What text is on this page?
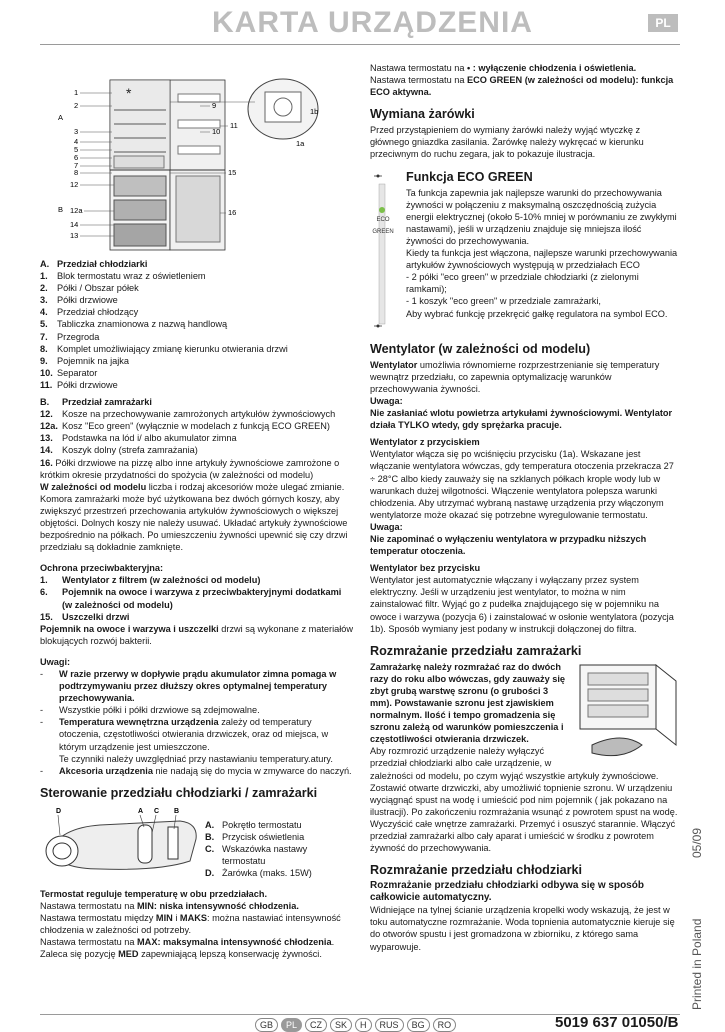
KARTA URZĄDZENIA	PL
*
1
2
A
3
4
5
6
7
8
12
B 12a
14
13
9
11
10
15
16
1b
1a
A. Przedział chłodziarki
1.	Blok termostatu wraz z oświetleniem
2.	Półki / Obszar półek
3.	Półki drzwiowe
4.	Przedział chłodzący
5.	Tabliczka znamionowa z nazwą handlową
7.	Przegroda
8.	Komplet umożliwiający zmianę kierunku otwierania drzwi
9.	Pojemnik na jajka
10. Separator
11. Półki drzwiowe
B.	Przedział zamrażarki
12.	Kosze na przechowywanie zamrożonych artykułów żywnościowych
12a. Kosz "Eco green" (wyłącznie w modelach z funkcją ECO GREEN)
13.	Podstawka na lód i/ albo akumulator zimna
14.	Koszyk dolny (strefa zamrażania)

16. Półki drzwiowe na pizzę albo inne artykuły żywnościowe zamrożone o krótkim okresie przydatności do spożycia (w zależności od modelu)

W zależności od modelu liczba i rodzaj akcesoriów może ulegać zmianie. Komora zamrażarki może być użytkowana bez dwóch górnych koszy, aby zwiększyć przestrzeń przechowania artykułów żywnościowych o większej objętości. Dolnych koszy nie należy usuwać. Układać artykuły żywnościowe bezpośrednio na półkach. Po umieszczeniu żywności upewnić się czy drzwi przedziału są dokładnie zamknięte.

Ochrona przeciwbakteryjna:

1.	Wentylator z filtrem (w zależności od modelu)
6.	Pojemnik na owoce i warzywa z przeciwbakteryjnymi dodatkami (w zależności od modelu)
15.	Uszczelki drzwi

Pojemnik na owoce i warzywa i uszczelki drzwi są wykonane z materiałów blokujących rozwój bakterii.

Uwagi:

-	W razie przerwy w dopływie prądu akumulator zimna pomaga w podtrzymywaniu przez dłuższy okres optymalnej temperatury przechowywania.
-	Wszystkie półki i półki drzwiowe są zdejmowalne.
-	Temperatura wewnętrzna urządzenia zależy od temperatury otoczenia, częstotliwości otwierania drzwiczek, oraz od miejsca, w którym urządzenie jest umieszczone.
Te czynniki należy uwzględniać przy nastawianiu temperatury.atury.
-	Akcesoria urządzenia nie nadają się do mycia w zmywarce do naczyń.
Sterowanie przedziału chłodziarki / zamrażarki
D	A C B
A. Pokrętło termostatu
B. Przycisk oświetlenia
C. Wskazówka nastawy termostatu
D. Żarówka (maks. 15W)

Termostat reguluje temperaturę w obu przedziałach.

Nastawa termostatu na MIN: niska intensywność chłodzenia.

Nastawa termostatu między MIN i MAKS: można nastawiać intensywność chłodzenia w zależności od potrzeby.

Nastawa termostatu na MAX: maksymalna intensywność chłodzenia. Zaleca się pozycję MED zapewniającą lepszą konserwację żywności.

Nastawa termostatu na • : wyłączenie chłodzenia i oświetlenia.

Nastawa termostatu na ECO GREEN (w zależności od modelu): funkcja ECO aktywna.

Wymiana żarówki

Przed przystąpieniem do wymiany żarówki należy wyjąć wtyczkę z głównego gniazdka zasilania. Żarówkę należy wykręcać w kierunku przeciwnym do ruchu zegara, jak to pokazuje ilustracja.

ECO GREEN
Funkcja ECO GREEN

Ta funkcja zapewnia jak najlepsze warunki do przechowywania żywności w połączeniu z maksymalną oszczędnością zużycia energii elektrycznej (około 5-10% mniej w porównaniu ze zwykłymi nastawami), jeśli w urządzeniu znajduje się mniejsza ilość żywności do przechowywania.

Kiedy ta funkcja jest włączona, najlepsze warunki przechowywania artykułów żywnościowych występują w przedziałach ECO

- 2 półki "eco green" w przedziale chłodziarki (z zielonymi ramkami);

- 1 koszyk "eco green" w przedziale zamrażarki,

Aby wybrać funkcję przekręcić gałkę regulatora na symbol ECO.

Wentylator (w zależności od modelu)

Wentylator umożliwia równomierne rozprzestrzenianie się temperatury wewnątrz przedziału, co zapewnia optymalizację warunków przechowywania żywności.

Uwaga:

Nie zasłaniać wlotu powietrza artykułami żywnościowymi. Wentylator działa TYLKO wtedy, gdy sprężarka pracuje.

Wentylator z przyciskiem

Wentylator włącza się po wciśnięciu przycisku (1a). Wskazane jest włączanie wentylatora wówczas, gdy temperatura otoczenia przekracza 27 ÷ 28°C albo kiedy zauważy się na szklanych półkach krople wody lub w warunkach dużej wilgotności. Włączenie wentylatora polepsza warunki chłodzenia. Aby utrzymać wybraną nastawę urządzenia przy włączonym wentylatorze może okazać się potrzebne wyregulowanie termostatu.

Uwaga:

Nie zapominać o wyłączeniu wentylatora w przypadku niższych temperatur otoczenia.

Wentylator bez przycisku

Wentylator jest automatycznie włączany i wyłączany przez system elektryczny. Jeśli w urządzeniu jest wentylator, to można w nim zainstalować filtr. Wyjąć go z pudełka znajdującego się w pojemniku na owoce i warzywa (pozycja 6) i zainstalować w osłonie wentylatora (pozycja 1b). Sposób wymiany jest podany w instrukcji dołączonej do filtra.

Rozmrażanie przedziału zamrażarki

Zamrażarkę należy rozmrażać raz do dwóch razy do roku albo wówczas, gdy zauważy się zbyt grubą warstwę szronu (o grubości 3 mm). Powstawanie szronu jest zjawiskiem normalnym. Ilość i tempo gromadzenia się szronu zależą od warunków pomieszczenia i częstotliwości otwierania drzwiczek.

Aby rozmrozić urządzenie należy wyłączyć przedział chłodziarki albo całe urządzenie, w zależności od modelu, po czym wyjąć wszystkie artykuły żywnościowe. Zostawić otwarte drzwiczki, aby umożliwić topnienie szronu. W urządzeniu wyciągnąć spust na wodę i umieścić pod nim pojemnik ( jak pokazano na ilustracji). Po zakończeniu rozmrażania wsunąć z powrotem spust na wodę. Wyczyścić całe wnętrze zamrażarki. Przemyć i osuszyć starannie. Włączyć przedział zamrażarki albo cały aparat i umieścić w środku z powrotem żywność do przechowywania.

Rozmrażanie przedziału chłodziarki

Rozmrażanie przedziału chłodziarki odbywa się w sposób całkowicie automatyczny.

Widniejące na tylnej ścianie urządzenia kropelki wody wskazują, że jest w toku automatyczne rozmrażanie. Woda topnienia automatycznie kieruje się do otworów spustu i jest gromadzona w zbiorniku, z którego sama wyparowuje.

05/09
Printed in Poland
GB	PL	CZ	SK	H	RUS	BG	RO	5019 637 01050/B
